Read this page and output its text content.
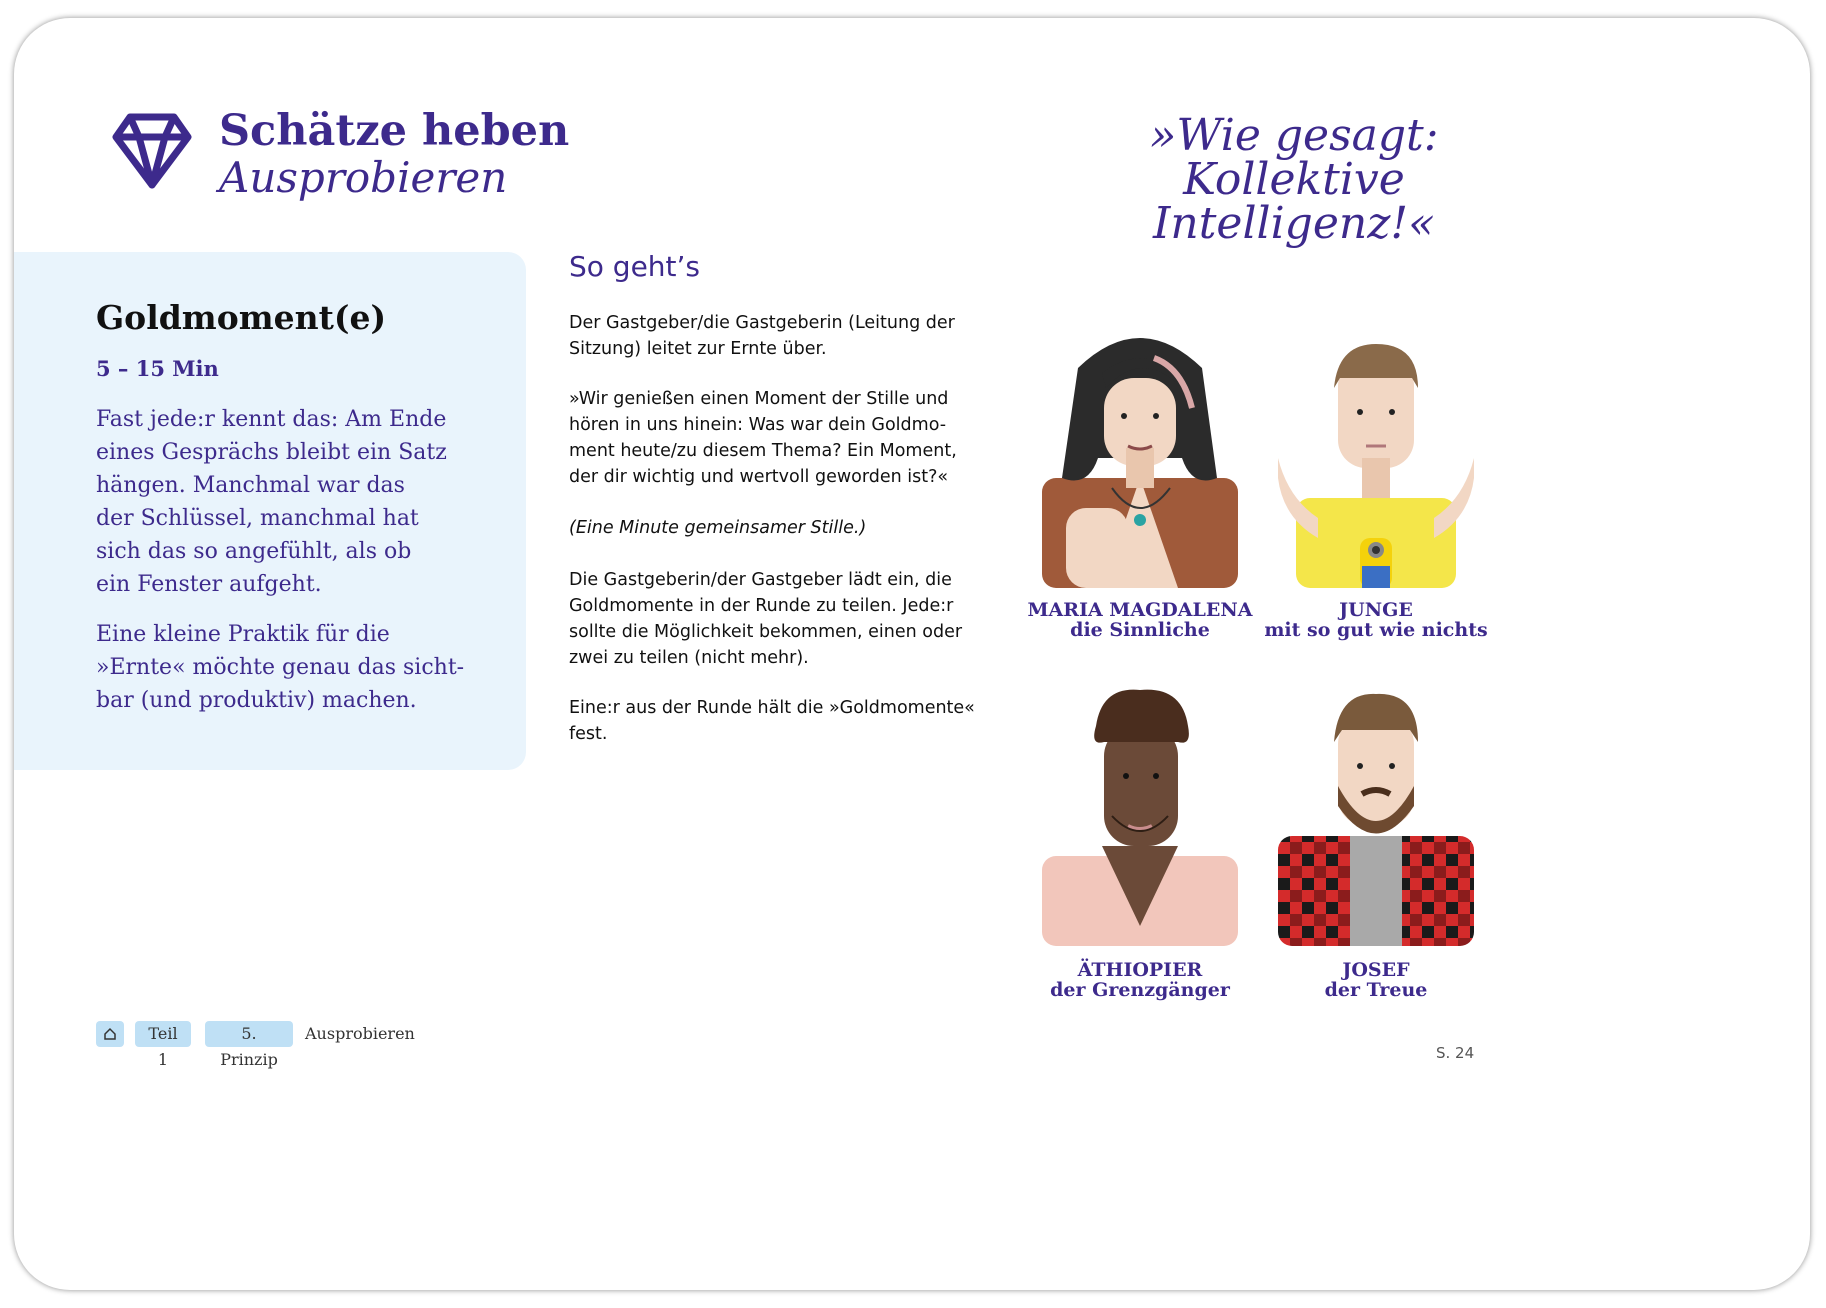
Schätze heben
Ausprobieren
Goldmoment(e)
5 – 15 Min
Fast jede:r kennt das: Am Ende
eines Gesprächs bleibt ein Satz
hängen. Manchmal war das
der Schlüssel, manchmal hat
sich das so angefühlt, als ob
ein Fenster aufgeht.
Eine kleine Praktik für die
»Ernte« möchte genau das sicht-
bar (und produktiv) machen.
So geht’s
Der Gastgeber/die Gastgeberin (Leitung der
Sitzung) leitet zur Ernte über.
»Wir genießen einen Moment der Stille und
hören in uns hinein: Was war dein Goldmo-
ment heute/zu diesem Thema? Ein Moment,
der dir wichtig und wertvoll geworden ist?«
(Eine Minute gemeinsamer Stille.)
Die Gastgeberin/der Gastgeber lädt ein, die
Goldmomente in der Runde zu teilen. Jede:r
sollte die Möglichkeit bekommen, einen oder
zwei zu teilen (nicht mehr).
Eine:r aus der Runde hält die »Goldmomente«
fest.
»Wie gesagt:
Kollektive
Intelligenz!«
MARIA MAGDALENA
die Sinnliche
JUNGE
mit so gut wie nichts
ÄTHIOPIER
der Grenzgänger
JOSEF
der Treue
Teil 1
5. Prinzip
Ausprobieren
S. 24
